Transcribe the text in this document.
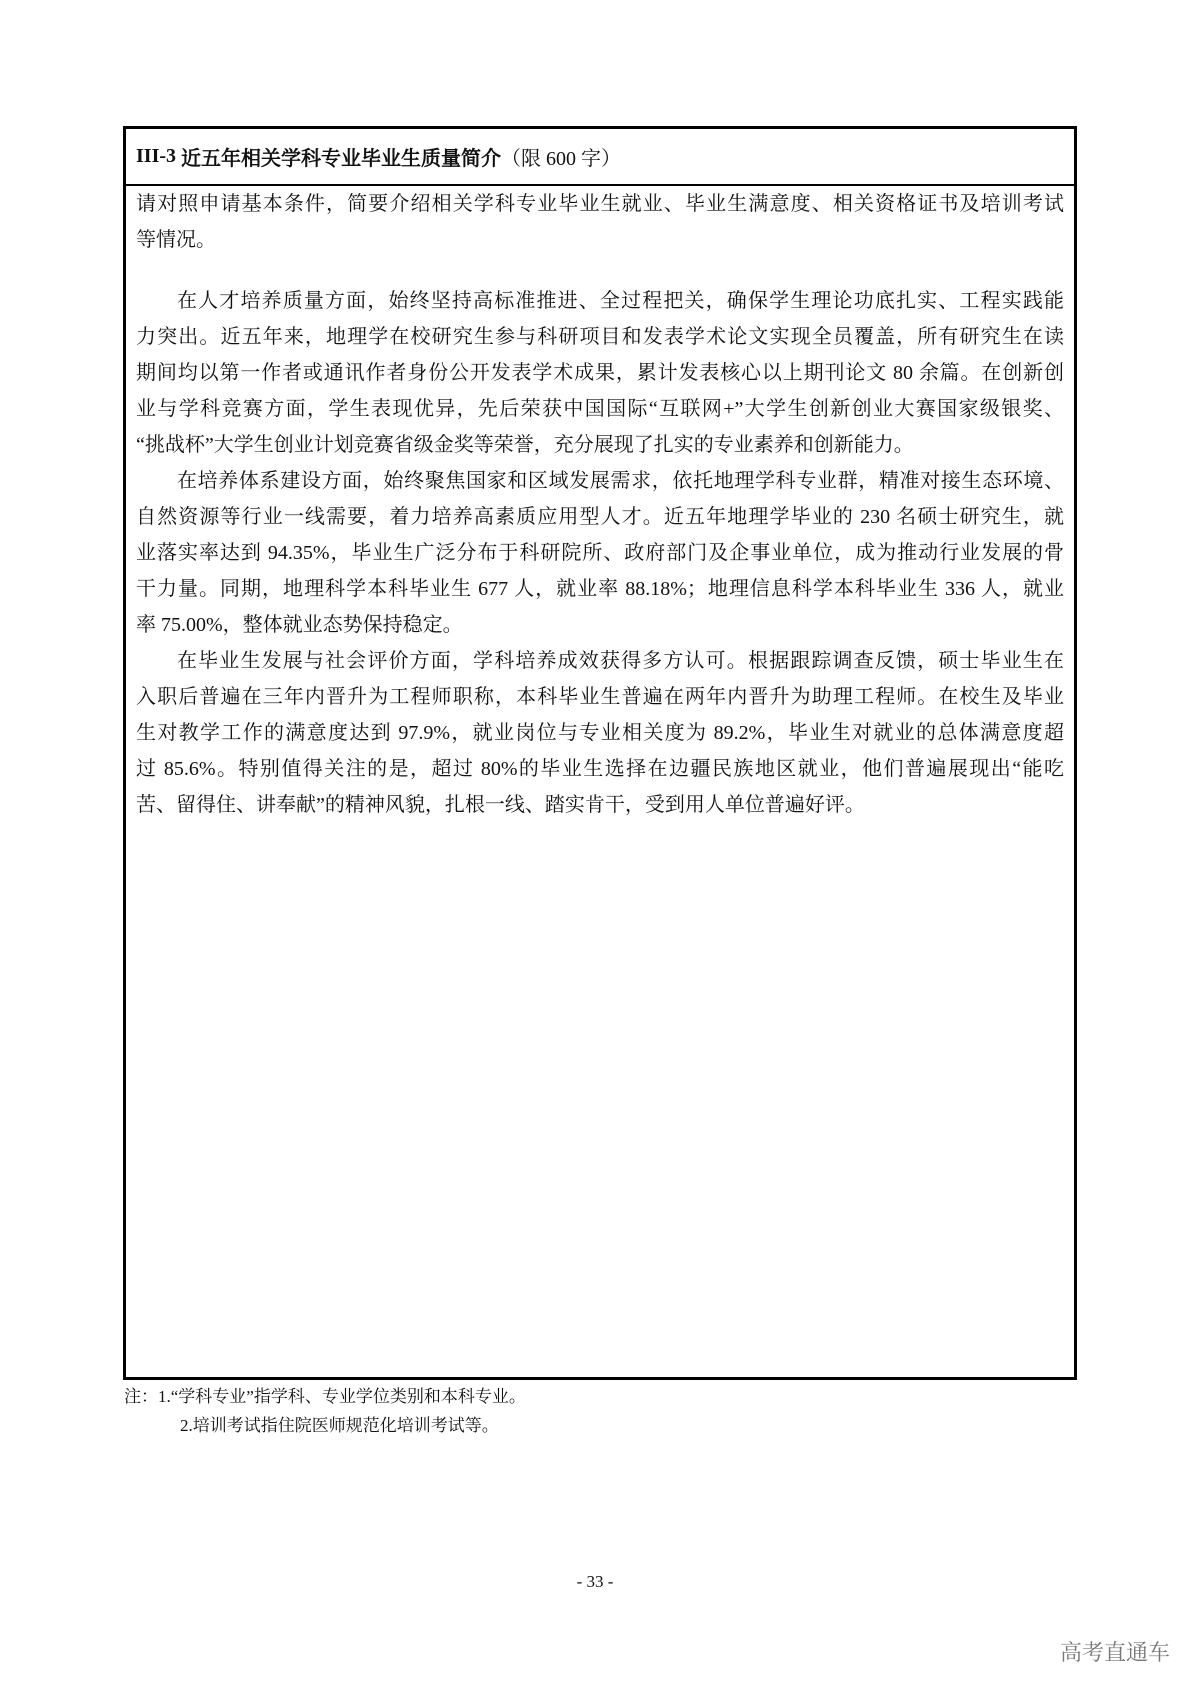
III-3
近五年相关学科专业毕业生质量简介 （限 600 字）
请对照申请基本条件，简要介绍相关学科专业毕业生就业、毕业生满意度、相关资格证书及培训考试
等情况。
在人才培养质量方面，始终坚持高标准推进、全过程把关，确保学生理论功底扎实、工程实践能
力突出。近五年来，地理学在校研究生参与科研项目和发表学术论文实现全员覆盖，所有研究生在读
期间均以第一作者或通讯作者身份公开发表学术成果，累计发表核心以上期刊论文 80 余篇。在创新创
业与学科竞赛方面，学生表现优异，先后荣获中国国际“互联网+”大学生创新创业大赛国家级银奖、
“挑战杯”大学生创业计划竞赛省级金奖等荣誉，充分展现了扎实的专业素养和创新能力。
在培养体系建设方面，始终聚焦国家和区域发展需求，依托地理学科专业群，精准对接生态环境、
自然资源等行业一线需要，着力培养高素质应用型人才。近五年地理学毕业的 230 名硕士研究生，就
业落实率达到 94.35%，毕业生广泛分布于科研院所、政府部门及企事业单位，成为推动行业发展的骨
干力量。同期，地理科学本科毕业生 677 人，就业率 88.18%；地理信息科学本科毕业生 336 人，就业
率 75.00%，整体就业态势保持稳定。
在毕业生发展与社会评价方面，学科培养成效获得多方认可。根据跟踪调查反馈，硕士毕业生在
入职后普遍在三年内晋升为工程师职称，本科毕业生普遍在两年内晋升为助理工程师。在校生及毕业
生对教学工作的满意度达到 97.9%，就业岗位与专业相关度为 89.2%，毕业生对就业的总体满意度超
过 85.6%。特别值得关注的是，超过 80%的毕业生选择在边疆民族地区就业，他们普遍展现出“能吃
苦、留得住、讲奉献”的精神风貌，扎根一线、踏实肯干，受到用人单位普遍好评。
注：1.“学科专业”指学科、专业学位类别和本科专业。
2.培训考试指住院医师规范化培训考试等。
- 33 -
高考直通车
